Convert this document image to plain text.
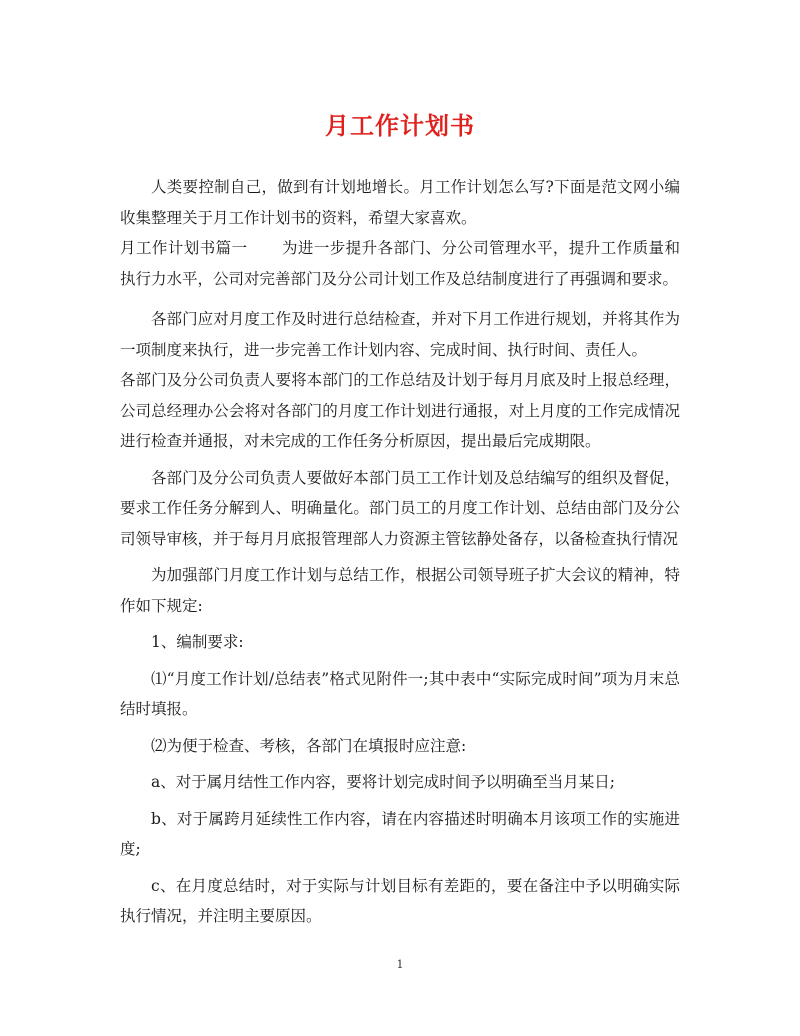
月工作计划书

人类要控制自己，做到有计划地增长。月工作计划怎么写?下面是范文网小编收集整理关于月工作计划书的资料，希望大家喜欢。

月工作计划书篇一 为进一步提升各部门、分公司管理水平，提升工作质量和执行力水平，公司对完善部门及分公司计划工作及总结制度进行了再强调和要求。

各部门应对月度工作及时进行总结检查，并对下月工作进行规划，并将其作为一项制度来执行，进一步完善工作计划内容、完成时间、执行时间、责任人。

各部门及分公司负责人要将本部门的工作总结及计划于每月月底及时上报总经理，公司总经理办公会将对各部门的月度工作计划进行通报，对上月度的工作完成情况进行检查并通报，对未完成的工作任务分析原因，提出最后完成期限。

各部门及分公司负责人要做好本部门员工工作计划及总结编写的组织及督促，要求工作任务分解到人、明确量化。部门员工的月度工作计划、总结由部门及分公司领导审核，并于每月月底报管理部人力资源主管铉静处备存，以备检查执行情况

为加强部门月度工作计划与总结工作，根据公司领导班子扩大会议的精神，特作如下规定:

1、编制要求:

⑴“月度工作计划/总结表”格式见附件一;其中表中“实际完成时间”项为月末总结时填报。

⑵为便于检查、考核，各部门在填报时应注意:

a、对于属月结性工作内容，要将计划完成时间予以明确至当月某日;

b、对于属跨月延续性工作内容，请在内容描述时明确本月该项工作的实施进度;

c、在月度总结时，对于实际与计划目标有差距的，要在备注中予以明确实际执行情况，并注明主要原因。

1
